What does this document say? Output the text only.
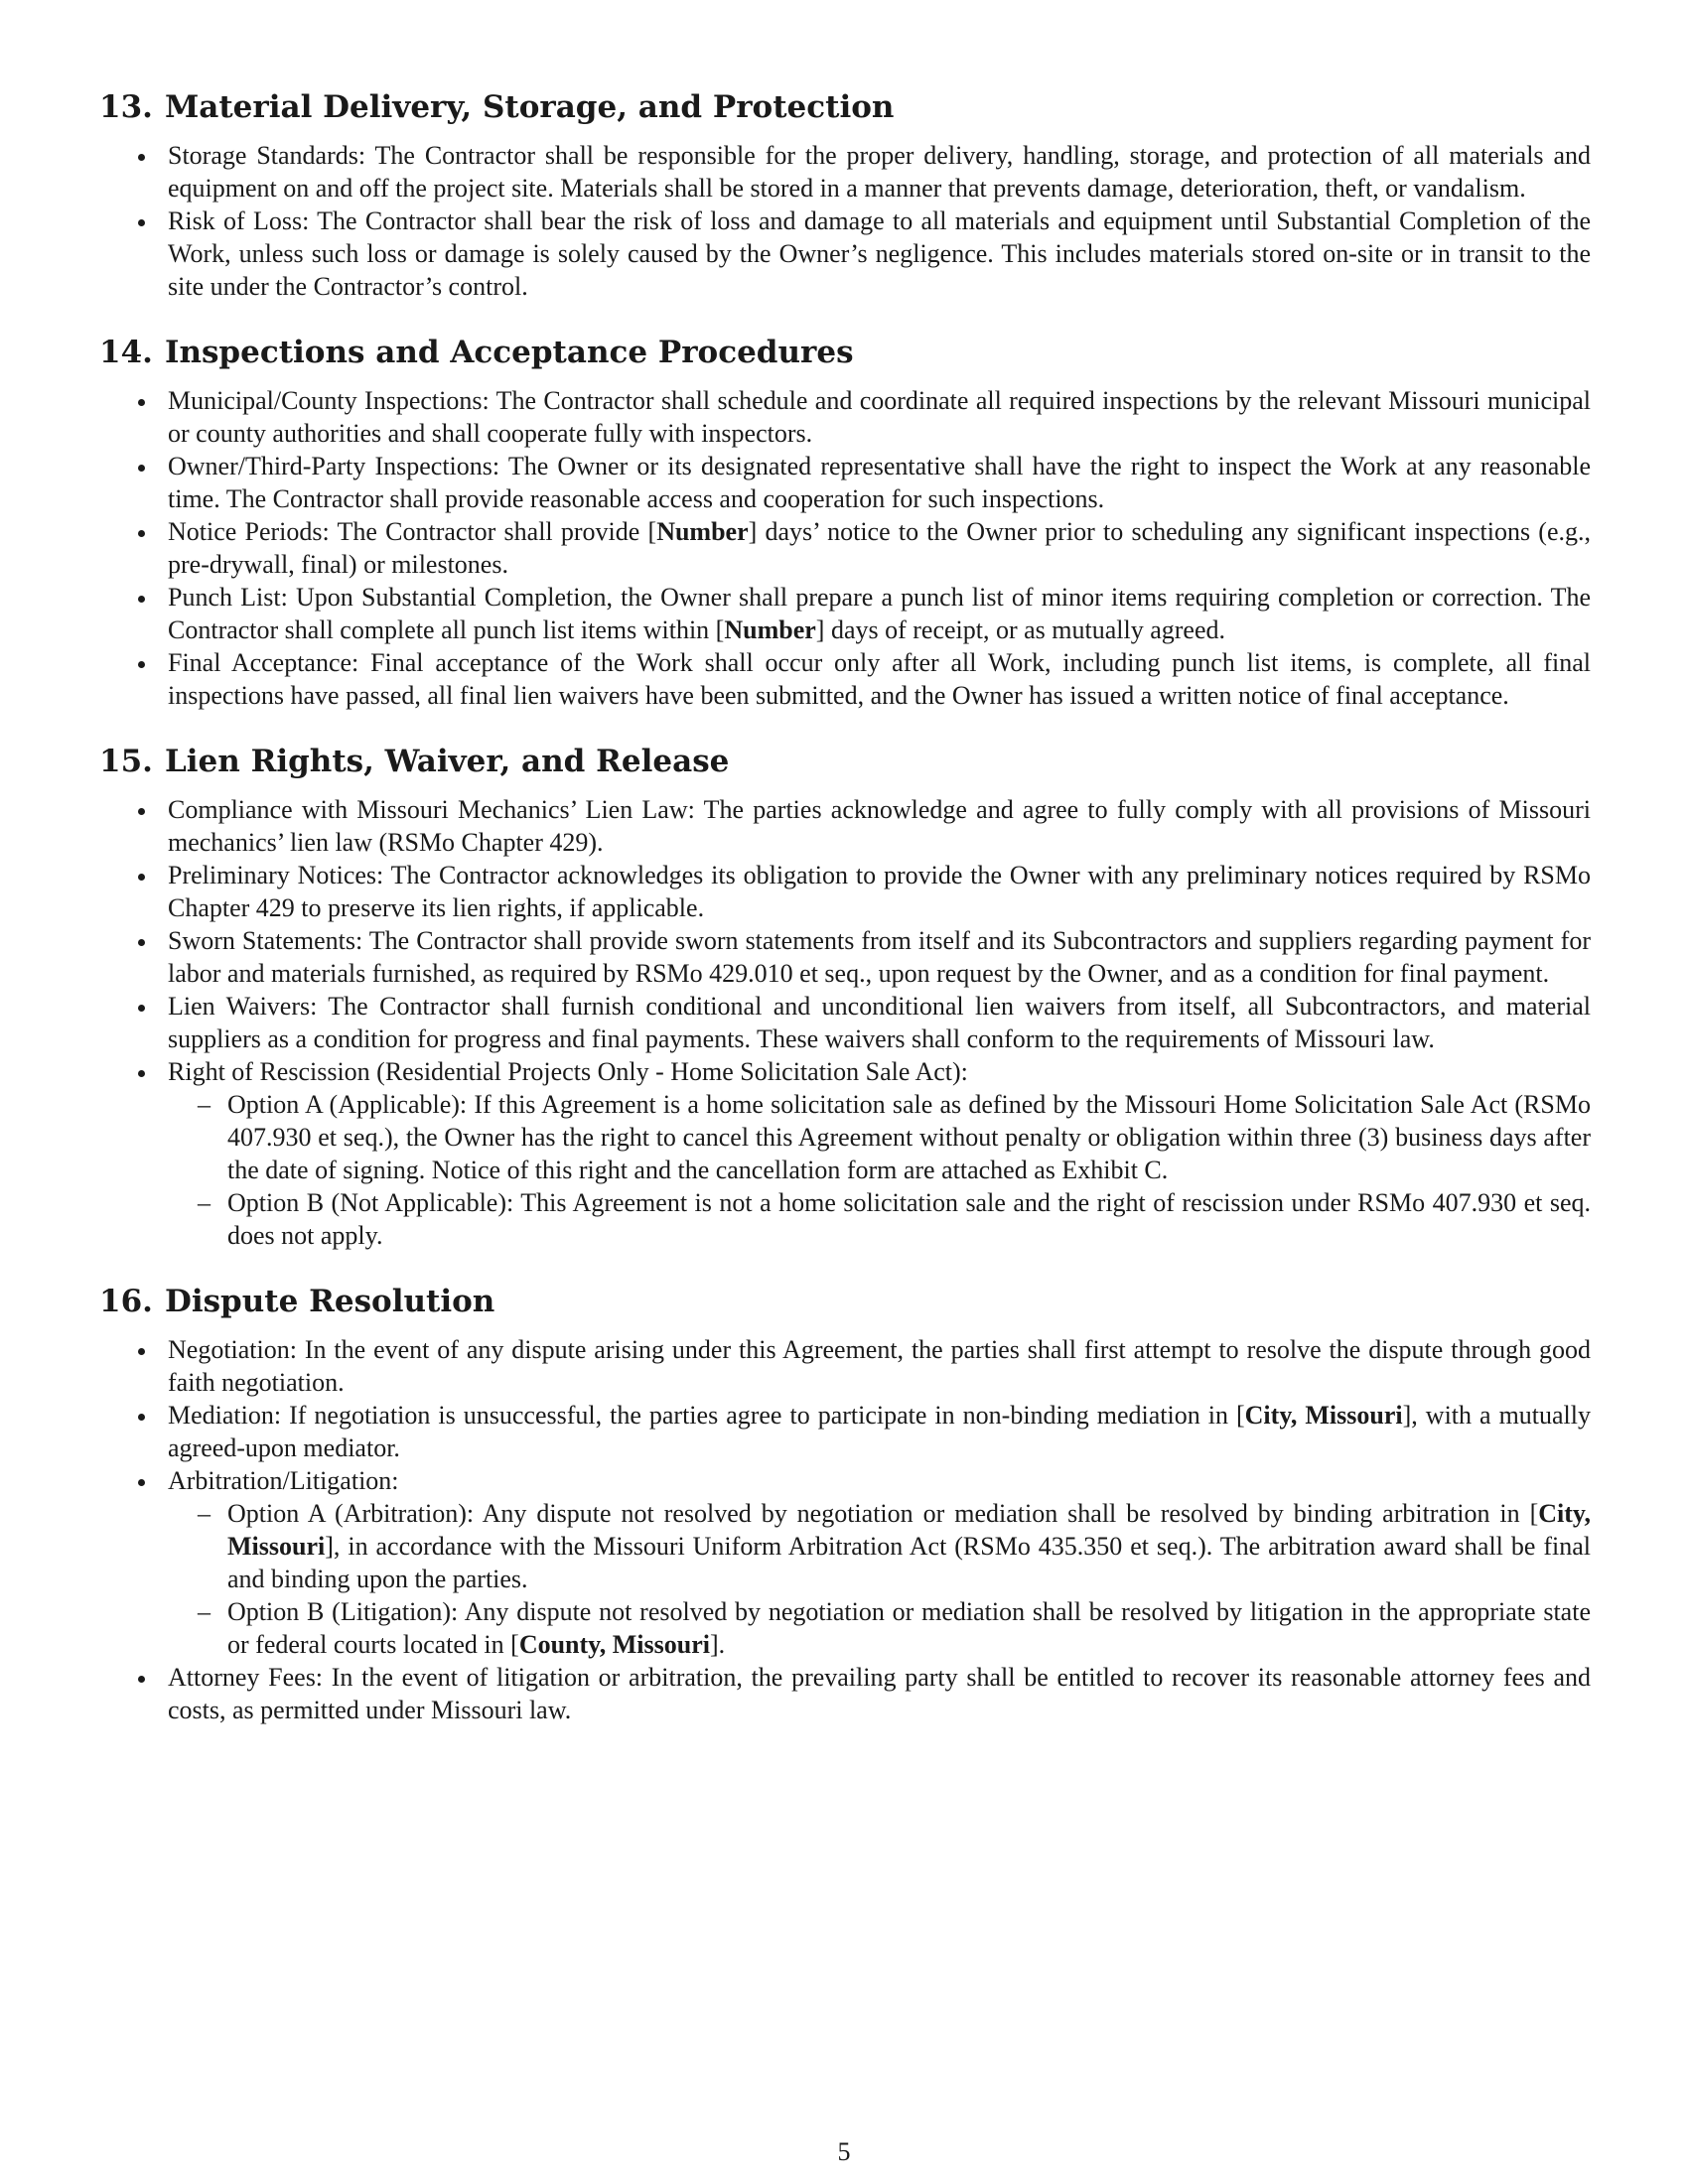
13. Material Delivery, Storage, and Protection
Storage Standards: The Contractor shall be responsible for the proper delivery, handling, storage, and protection of all materials and equipment on and off the project site. Materials shall be stored in a manner that prevents damage, deterioration, theft, or vandalism.
Risk of Loss: The Contractor shall bear the risk of loss and damage to all materials and equipment until Substantial Completion of the Work, unless such loss or damage is solely caused by the Owner’s negligence. This includes materials stored on-site or in transit to the site under the Contractor’s control.
14. Inspections and Acceptance Procedures
Municipal/County Inspections: The Contractor shall schedule and coordinate all required inspections by the relevant Missouri municipal or county authorities and shall cooperate fully with inspectors.
Owner/Third-Party Inspections: The Owner or its designated representative shall have the right to inspect the Work at any reasonable time. The Contractor shall provide reasonable access and cooperation for such inspections.
Notice Periods: The Contractor shall provide [Number] days’ notice to the Owner prior to scheduling any significant inspections (e.g., pre-drywall, final) or milestones.
Punch List: Upon Substantial Completion, the Owner shall prepare a punch list of minor items requiring completion or correction. The Contractor shall complete all punch list items within [Number] days of receipt, or as mutually agreed.
Final Acceptance: Final acceptance of the Work shall occur only after all Work, including punch list items, is complete, all final inspections have passed, all final lien waivers have been submitted, and the Owner has issued a written notice of final acceptance.
15. Lien Rights, Waiver, and Release
Compliance with Missouri Mechanics’ Lien Law: The parties acknowledge and agree to fully comply with all provisions of Missouri mechanics’ lien law (RSMo Chapter 429).
Preliminary Notices: The Contractor acknowledges its obligation to provide the Owner with any preliminary notices required by RSMo Chapter 429 to preserve its lien rights, if applicable.
Sworn Statements: The Contractor shall provide sworn statements from itself and its Subcontractors and suppliers regarding payment for labor and materials furnished, as required by RSMo 429.010 et seq., upon request by the Owner, and as a condition for final payment.
Lien Waivers: The Contractor shall furnish conditional and unconditional lien waivers from itself, all Subcontractors, and material suppliers as a condition for progress and final payments. These waivers shall conform to the requirements of Missouri law.
Right of Rescission (Residential Projects Only - Home Solicitation Sale Act):
– Option A (Applicable): If this Agreement is a home solicitation sale as defined by the Missouri Home Solicitation Sale Act (RSMo 407.930 et seq.), the Owner has the right to cancel this Agreement without penalty or obligation within three (3) business days after the date of signing. Notice of this right and the cancellation form are attached as Exhibit C.
– Option B (Not Applicable): This Agreement is not a home solicitation sale and the right of rescission under RSMo 407.930 et seq. does not apply.
16. Dispute Resolution
Negotiation: In the event of any dispute arising under this Agreement, the parties shall first attempt to resolve the dispute through good faith negotiation.
Mediation: If negotiation is unsuccessful, the parties agree to participate in non-binding mediation in [City, Missouri], with a mutually agreed-upon mediator.
Arbitration/Litigation:
– Option A (Arbitration): Any dispute not resolved by negotiation or mediation shall be resolved by binding arbitration in [City, Missouri], in accordance with the Missouri Uniform Arbitration Act (RSMo 435.350 et seq.). The arbitration award shall be final and binding upon the parties.
– Option B (Litigation): Any dispute not resolved by negotiation or mediation shall be resolved by litigation in the appropriate state or federal courts located in [County, Missouri].
Attorney Fees: In the event of litigation or arbitration, the prevailing party shall be entitled to recover its reasonable attorney fees and costs, as permitted under Missouri law.
5
